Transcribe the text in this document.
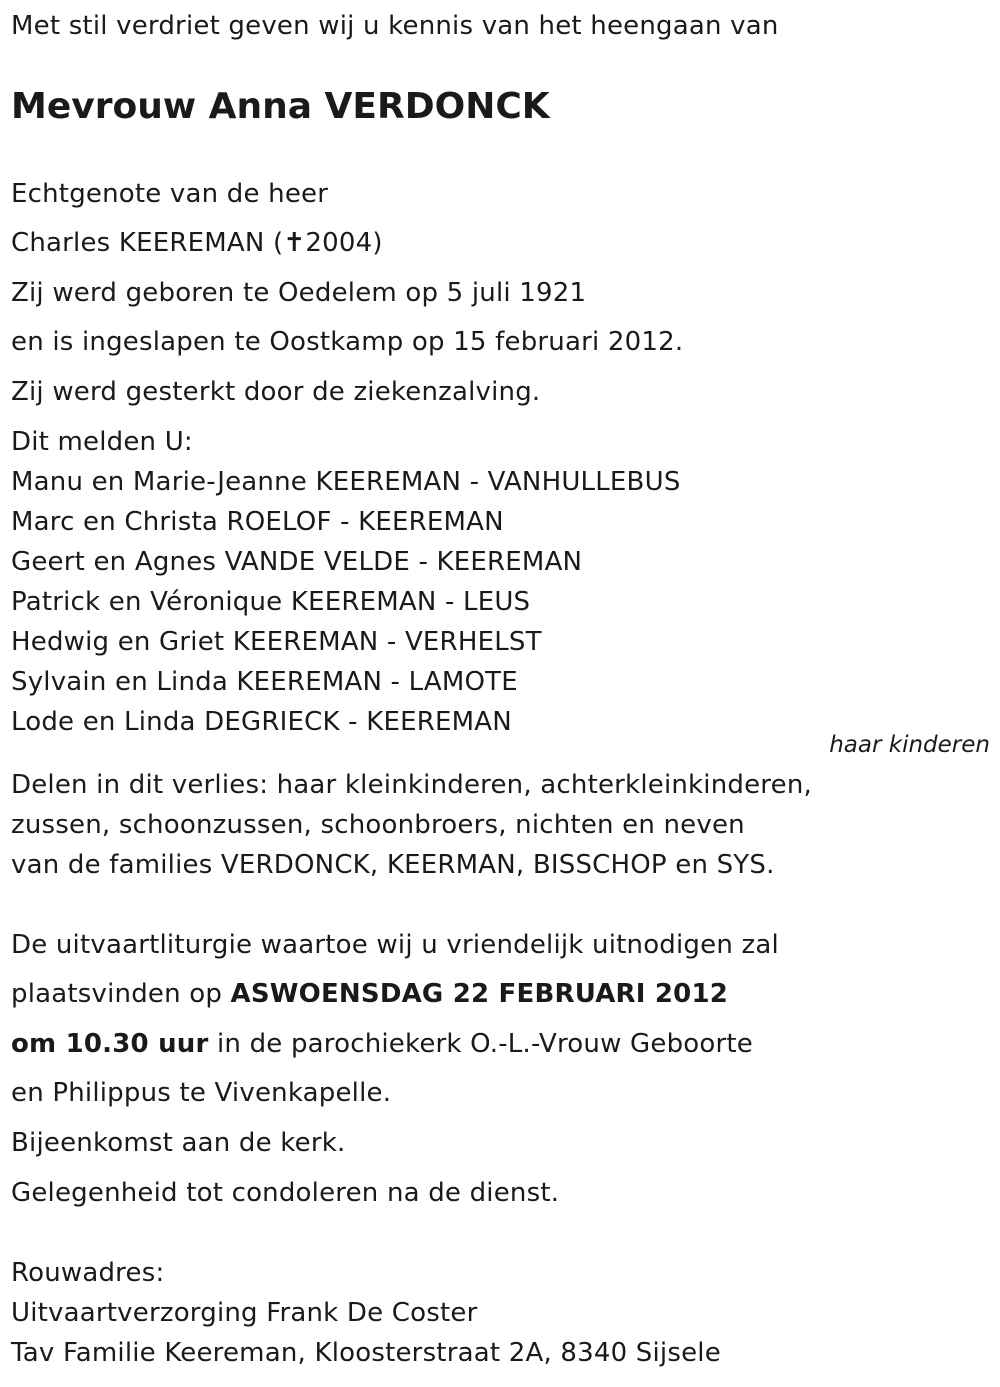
Met stil verdriet geven wij u kennis van het heengaan van
Mevrouw Anna VERDONCK
Echtgenote van de heer
Charles KEEREMAN (✝2004)
Zij werd geboren te Oedelem op 5 juli 1921
en is ingeslapen te Oostkamp op 15 februari 2012.
Zij werd gesterkt door de ziekenzalving.
Dit melden U:
Manu en Marie-Jeanne KEEREMAN - VANHULLEBUS
Marc en Christa ROELOF - KEEREMAN
Geert en Agnes VANDE VELDE - KEEREMAN
Patrick en Véronique KEEREMAN - LEUS
Hedwig en Griet KEEREMAN - VERHELST
Sylvain en Linda KEEREMAN - LAMOTE
Lode en Linda DEGRIECK - KEEREMAN
haar kinderen
Delen in dit verlies: haar kleinkinderen, achterkleinkinderen,
zussen, schoonzussen, schoonbroers, nichten en neven
van de families VERDONCK, KEERMAN, BISSCHOP en SYS.
De uitvaartliturgie waartoe wij u vriendelijk uitnodigen zal
plaatsvinden op ASWOENSDAG 22 FEBRUARI 2012
om 10.30 uur in de parochiekerk O.-L.-Vrouw Geboorte
en Philippus te Vivenkapelle.
Bijeenkomst aan de kerk.
Gelegenheid tot condoleren na de dienst.
Rouwadres:
Uitvaartverzorging Frank De Coster
Tav Familie Keereman, Kloosterstraat 2A, 8340 Sijsele
